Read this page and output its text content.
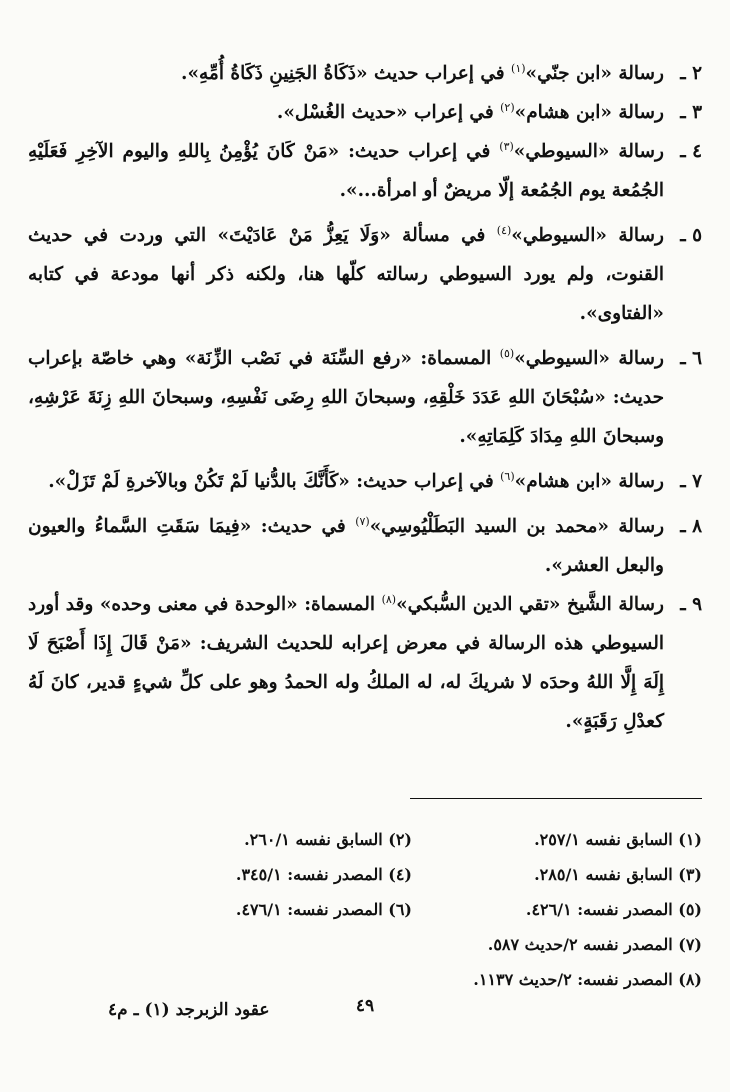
٢ ـ
رسالة «ابن جنّي»$^{(١)}$ في إعراب حديث «ذَكَاةُ الجَنِينِ ذَكَاةُ أُمِّهِ».
٣ ـ
رسالة «ابن هشام»$^{(٢)}$ في إعراب «حديث الغُسْل».
٤ ـ
رسالة «السيوطي»$^{(٣)}$ في إعراب حديث: «مَنْ كَانَ يُؤْمِنُ بِاللهِ واليوم الآخِرِ فَعَلَيْهِ الجُمُعة يوم الجُمُعة إلّا مريضٌ أو امرأة...».
٥ ـ
رسالة «السيوطي»$^{(٤)}$ في مسألة «وَلَا يَعِزُّ مَنْ عَادَيْتَ» التي وردت في حديث القنوت، ولم يورد السيوطي رسالته كلّها هنا، ولكنه ذكر أنها مودعة في كتابه «الفتاوى».
٦ ـ
رسالة «السيوطي»$^{(٥)}$ المسماة: «رفع السِّنَة في نَصْب الزِّنَة» وهي خاصّة بإعراب حديث: «سُبْحَانَ اللهِ عَدَدَ خَلْقِهِ، وسبحانَ اللهِ رِضَى نَفْسِهِ، وسبحانَ اللهِ زِنَةَ عَرْشِهِ، وسبحانَ اللهِ مِدَادَ كَلِمَاتِهِ».
٧ ـ
رسالة «ابن هشام»$^{(٦)}$ في إعراب حديث: «كَأَنَّكَ بالدُّنيا لَمْ تَكُنْ وبالآخرةِ لَمْ تَزَلْ».
٨ ـ
رسالة «محمد بن السيد البَطَلْيُوسِي»$^{(٧)}$ في حديث: «فِيمَا سَقَتِ السَّماءُ والعيون والبعل العشر».
٩ ـ
رسالة الشَّيخ «تقي الدين السُّبكي»$^{(٨)}$ المسماة: «الوحدة في معنى وحده» وقد أورد السيوطي هذه الرسالة في معرض إعرابه للحديث الشريف: «مَنْ قَالَ إِذَا أَصْبَحَ لَا إِلَهَ إِلَّا اللهُ وحدَه لا شريكَ له، له الملكُ وله الحمدُ وهو على كلِّ شيءٍ قدير، كانَ لَهُ كعدْلِ رَقَبَةٍ».
(١) السابق نفسه ٢٥٧/١.
(٢) السابق نفسه ٢٦٠/١.
(٣) السابق نفسه ٢٨٥/١.
(٤) المصدر نفسه: ٣٤٥/١.
(٥) المصدر نفسه: ٤٢٦/١.
(٦) المصدر نفسه: ٤٧٦/١.
(٧) المصدر نفسه ٢/حديث ٥٨٧.
(٨) المصدر نفسه: ٢/حديث ١١٣٧.
٤٩
عقود الزبرجد (١) ـ م٤
